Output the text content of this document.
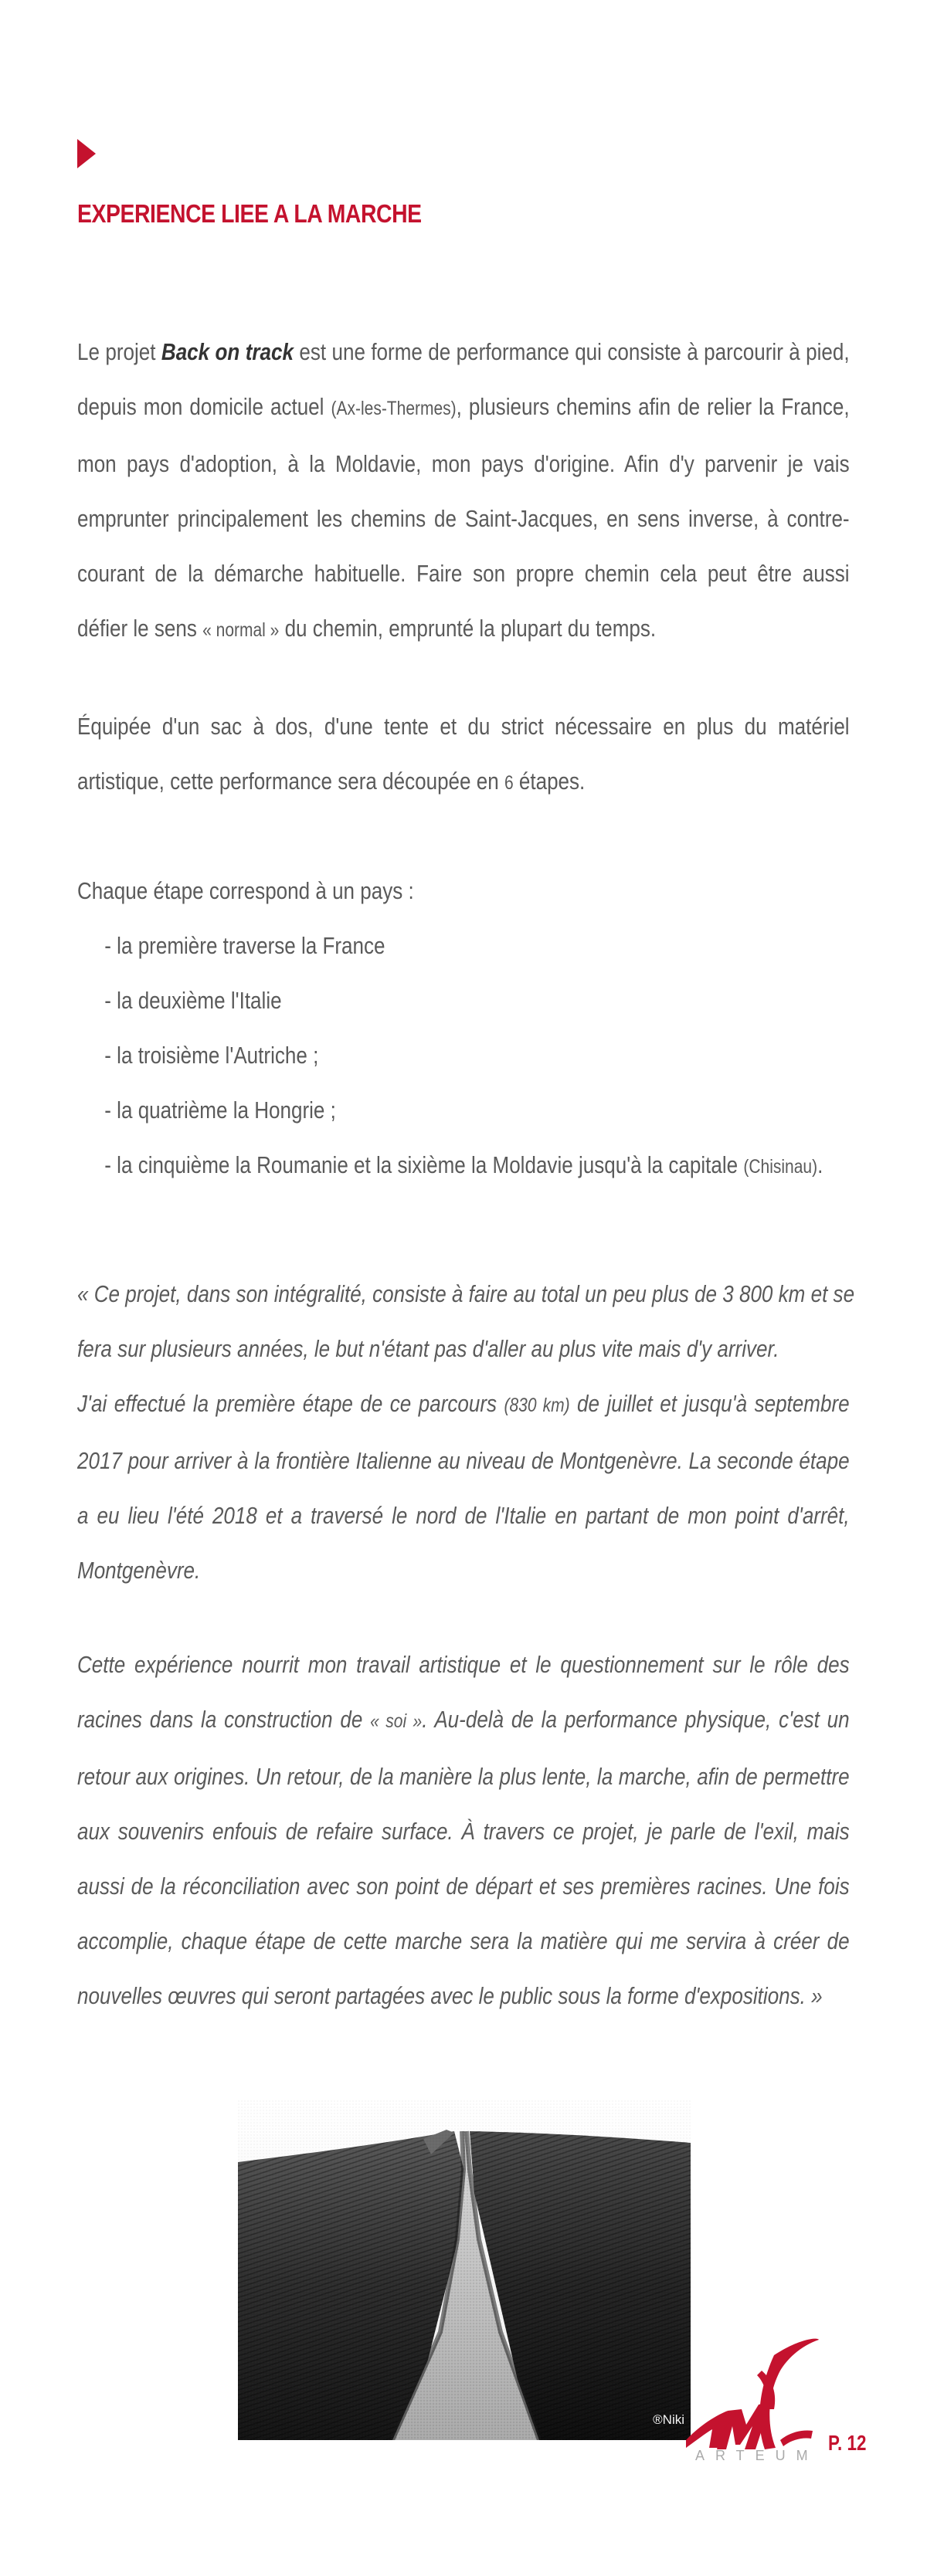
EXPERIENCE LIEE A LA MARCHE
Le projet Back on track est une forme de performance qui consiste à parcourir à pied,
depuis mon domicile actuel (Ax-les-Thermes), plusieurs chemins afin de relier la France,
mon pays d'adoption, à la Moldavie, mon pays d'origine. Afin d'y parvenir je vais
emprunter principalement les chemins de Saint-Jacques, en sens inverse, à contre-
courant de la démarche habituelle. Faire son propre chemin cela peut être aussi
défier le sens « normal » du chemin, emprunté la plupart du temps.
Équipée d'un sac à dos, d'une tente et du strict nécessaire en plus du matériel
artistique, cette performance sera découpée en 6 étapes.
Chaque étape correspond à un pays :
- la première traverse la France
- la deuxième l'Italie
- la troisième l'Autriche ;
- la quatrième la Hongrie ;
- la cinquième la Roumanie et la sixième la Moldavie jusqu'à la capitale (Chisinau).
« Ce projet, dans son intégralité, consiste à faire au total un peu plus de 3 800 km et se
fera sur plusieurs années, le but n'étant pas d'aller au plus vite mais d'y arriver.
J'ai effectué la première étape de ce parcours (830 km) de juillet et jusqu'à septembre
2017 pour arriver à la frontière Italienne au niveau de Montgenèvre. La seconde étape
a eu lieu l'été 2018 et a traversé le nord de l'Italie en partant de mon point d'arrêt,
Montgenèvre.
Cette expérience nourrit mon travail artistique et le questionnement sur le rôle des
racines dans la construction de « soi ». Au-delà de la performance physique, c'est un
retour aux origines. Un retour, de la manière la plus lente, la marche, afin de permettre
aux souvenirs enfouis de refaire surface. À travers ce projet, je parle de l'exil, mais
aussi de la réconciliation avec son point de départ et ses premières racines. Une fois
accomplie, chaque étape de cette marche sera la matière qui me servira à créer de
nouvelles œuvres qui seront partagées avec le public sous la forme d'expositions. »
®Niki
ARTEUM
P. 12
